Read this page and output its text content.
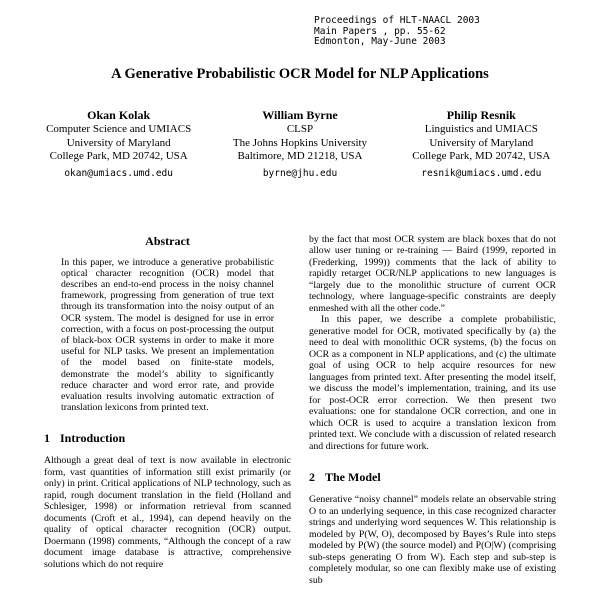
Proceedings of HLT-NAACL 2003
Main Papers , pp. 55-62
Edmonton, May-June 2003
A Generative Probabilistic OCR Model for NLP Applications
Okan Kolak
Computer Science and UMIACS
University of Maryland
College Park, MD 20742, USA
okan@umiacs.umd.edu
William Byrne
CLSP
The Johns Hopkins University
Baltimore, MD 21218, USA
byrne@jhu.edu
Philip Resnik
Linguistics and UMIACS
University of Maryland
College Park, MD 20742, USA
resnik@umiacs.umd.edu
Abstract
In this paper, we introduce a generative probabilistic optical character recognition (OCR) model that describes an end-to-end process in the noisy channel framework, progressing from generation of true text through its transformation into the noisy output of an OCR system. The model is designed for use in error correction, with a focus on post-processing the output of black-box OCR systems in order to make it more useful for NLP tasks. We present an implementation of the model based on finite-state models, demonstrate the model’s ability to significantly reduce character and word error rate, and provide evaluation results involving automatic extraction of translation lexicons from printed text.
1 Introduction
Although a great deal of text is now available in electronic form, vast quantities of information still exist primarily (or only) in print. Critical applications of NLP technology, such as rapid, rough document translation in the field (Holland and Schlesiger, 1998) or information retrieval from scanned documents (Croft et al., 1994), can depend heavily on the quality of optical character recognition (OCR) output. Doermann (1998) comments, “Although the concept of a raw document image database is attractive, comprehensive solutions which do not require
by the fact that most OCR system are black boxes that do not allow user tuning or re-training — Baird (1999, reported in (Frederking, 1999)) comments that the lack of ability to rapidly retarget OCR/NLP applications to new languages is “largely due to the monolithic structure of current OCR technology, where language-specific constraints are deeply enmeshed with all the other code.”
In this paper, we describe a complete probabilistic, generative model for OCR, motivated specifically by (a) the need to deal with monolithic OCR systems, (b) the focus on OCR as a component in NLP applications, and (c) the ultimate goal of using OCR to help acquire resources for new languages from printed text. After presenting the model itself, we discuss the model’s implementation, training, and its use for post-OCR error correction. We then present two evaluations: one for standalone OCR correction, and one in which OCR is used to acquire a translation lexicon from printed text. We conclude with a discussion of related research and directions for future work.
2 The Model
Generative “noisy channel” models relate an observable string O to an underlying sequence, in this case recognized character strings and underlying word sequences W. This relationship is modeled by P(W, O), decomposed by Bayes’s Rule into steps modeled by P(W) (the source model) and P(O|W) (comprising sub-steps generating O from W). Each step and sub-step is completely modular, so one can flexibly make use of existing sub
